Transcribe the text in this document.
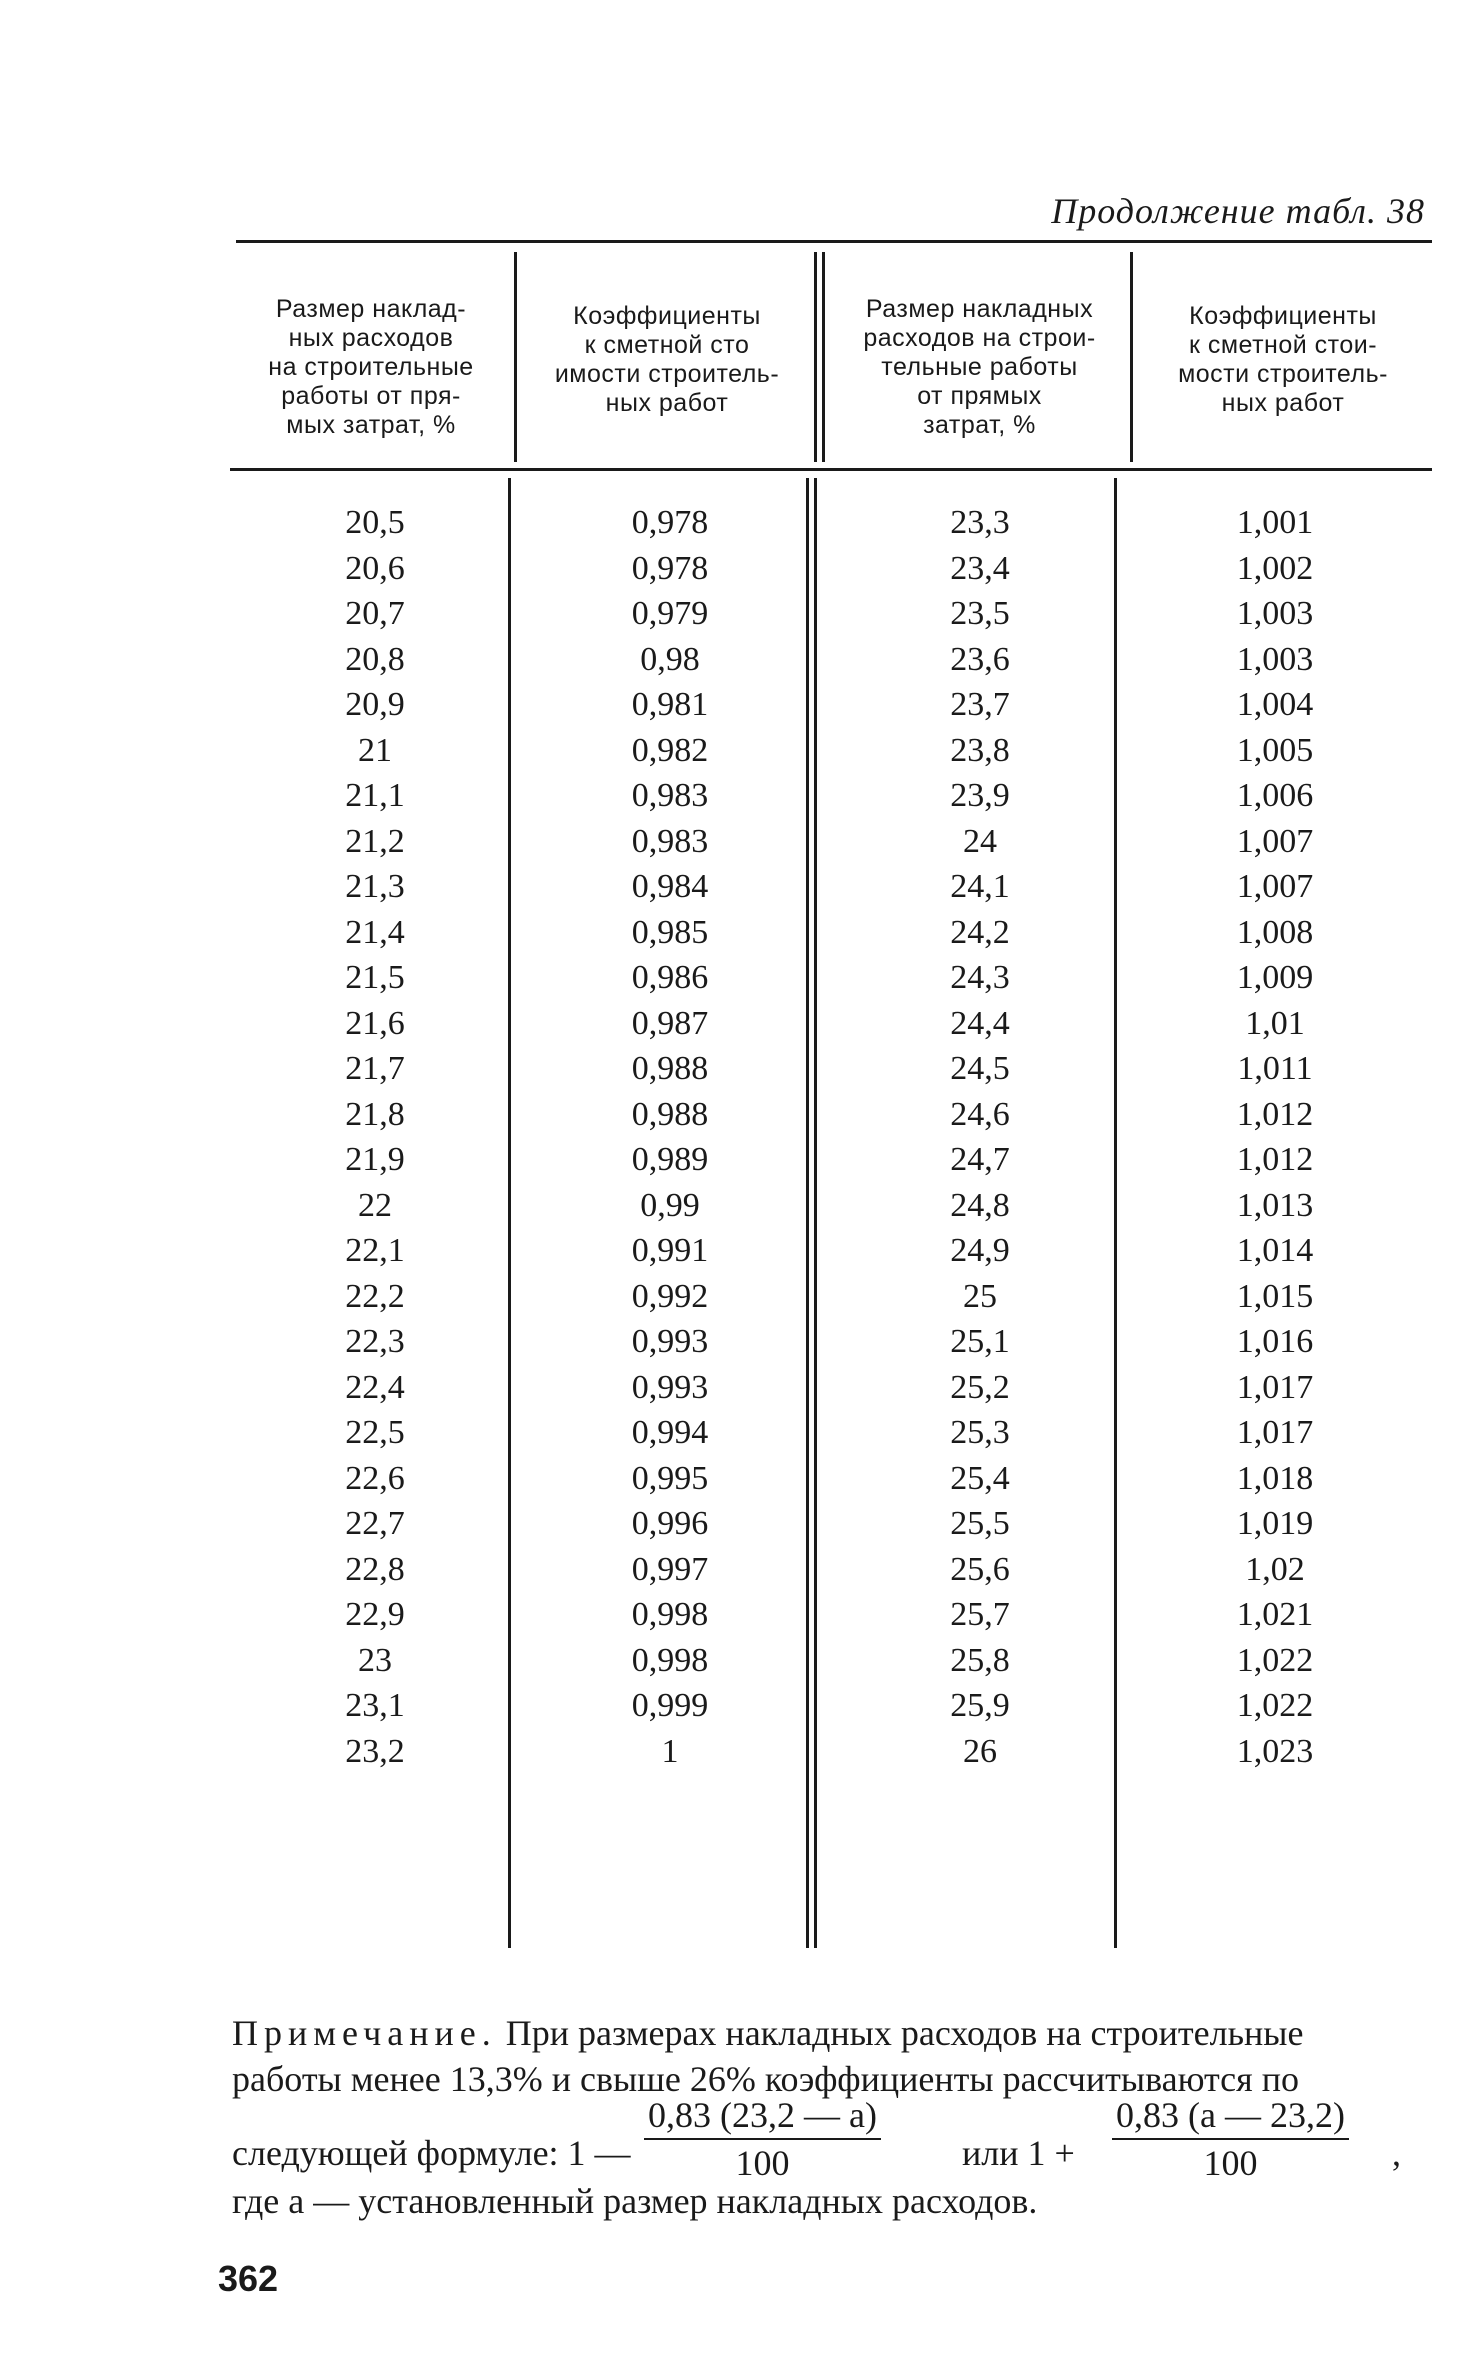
Продолжение табл. 38
Размер наклад-
ных расходов
на строительные
работы от пря-
мых затрат, %
Коэффициенты
к сметной сто
имости строитель-
ных работ
Размер накладных
расходов на строи-
тельные работы
от прямых
затрат, %
Коэффициенты
к сметной стои-
мости строитель-
ных работ
20,5
20,6
20,7
20,8
20,9
21
21,1
21,2
21,3
21,4
21,5
21,6
21,7
21,8
21,9
22
22,1
22,2
22,3
22,4
22,5
22,6
22,7
22,8
22,9
23
23,1
23,2
0,978
0,978
0,979
0,98
0,981
0,982
0,983
0,983
0,984
0,985
0,986
0,987
0,988
0,988
0,989
0,99
0,991
0,992
0,993
0,993
0,994
0,995
0,996
0,997
0,998
0,998
0,999
1
23,3
23,4
23,5
23,6
23,7
23,8
23,9
24
24,1
24,2
24,3
24,4
24,5
24,6
24,7
24,8
24,9
25
25,1
25,2
25,3
25,4
25,5
25,6
25,7
25,8
25,9
26
1,001
1,002
1,003
1,003
1,004
1,005
1,006
1,007
1,007
1,008
1,009
1,01
1,011
1,012
1,012
1,013
1,014
1,015
1,016
1,017
1,017
1,018
1,019
1,02
1,021
1,022
1,022
1,023
Примечание. При размерах накладных расходов на строительные работы менее 13,3% и свыше 26% коэффициенты рассчитываются по
следующей формуле: 1 — $\frac{0,83 (23,2 — a)}{100}$ или $1 + \frac{0,83 (a — 23,2)}{100}$ ,
где a — установленный размер накладных расходов.
362
